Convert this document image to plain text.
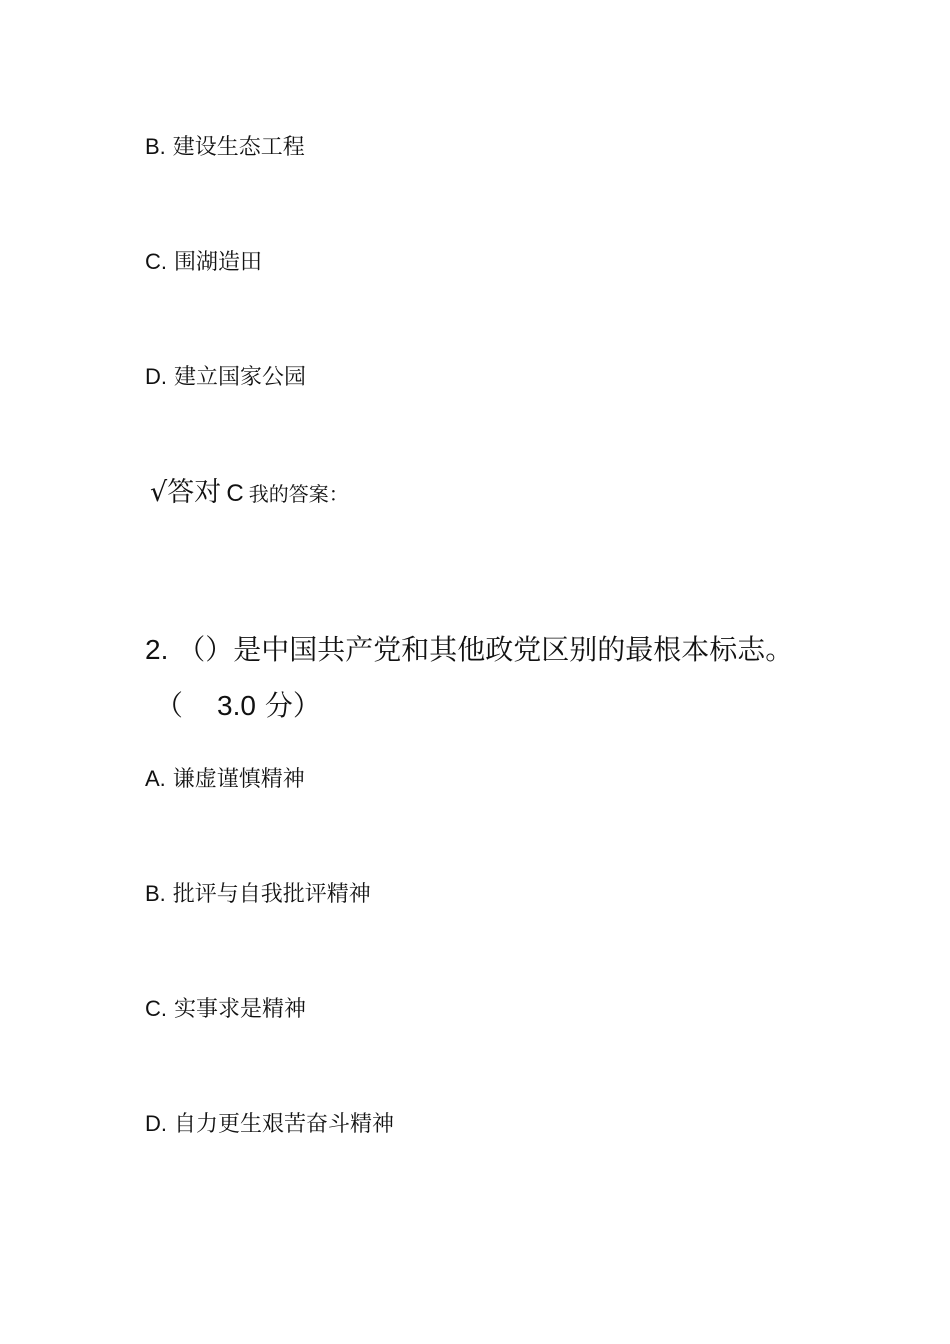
B. 建设生态工程
C. 围湖造田
D. 建立国家公园
√答对 C 我的答案：
2. （）是中国共产党和其他政党区别的最根本标志。
（ 3.0 分）
A. 谦虚谨慎精神
B. 批评与自我批评精神
C. 实事求是精神
D. 自力更生艰苦奋斗精神
